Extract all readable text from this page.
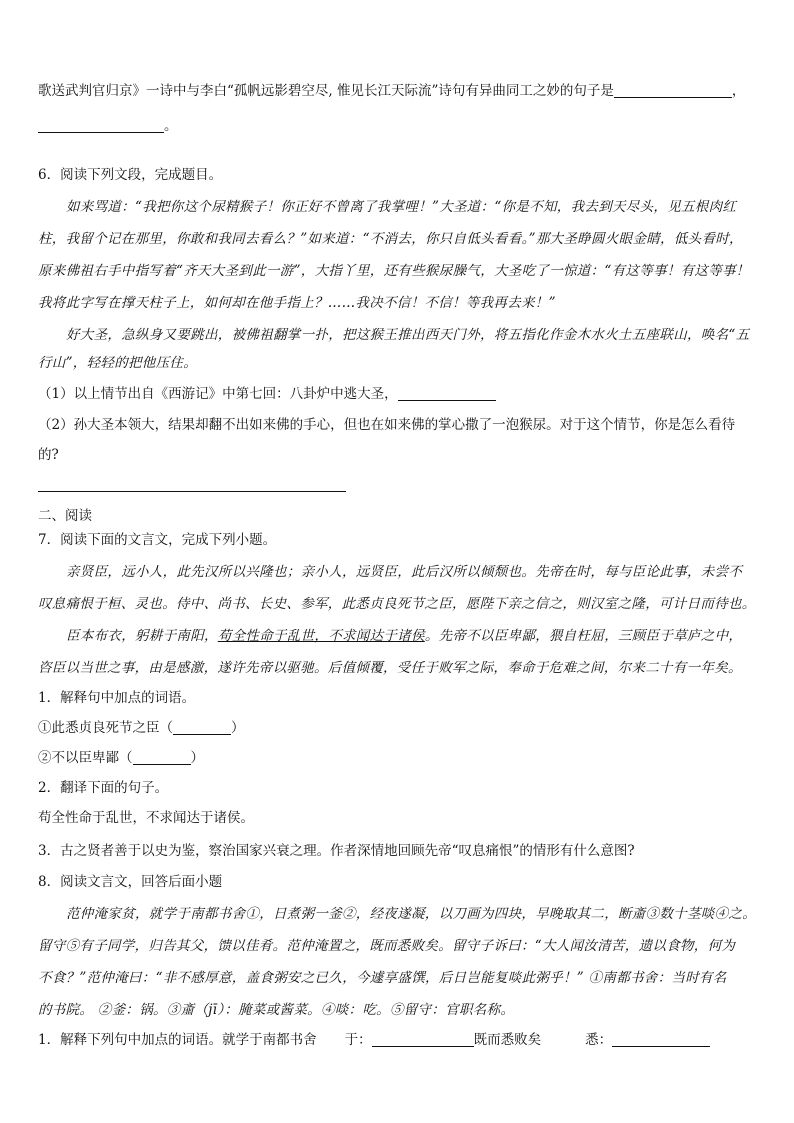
歌送武判官归京》一诗中与李白“孤帆远影碧空尽, 惟见长江天际流”诗句有异曲同工之妙的句子是	，
。
6．阅读下列文段，完成题目。
如来骂道：“我把你这个尿精猴子！你正好不曾离了我掌哩！”大圣道：“你是不知，我去到天尽头，见五根肉红
柱，我留个记在那里，你敢和我同去看么？”如来道：“不消去，你只自低头看看。”那大圣睁圆火眼金睛，低头看时，
原来佛祖右手中指写着“齐天大圣到此一游”，大指丫里，还有些猴尿臊气，大圣吃了一惊道：“有这等事！有这等事！
我将此字写在撑天柱子上，如何却在他手指上？……我决不信！不信！等我再去来！”
好大圣，急纵身又要跳出，被佛祖翻掌一扑，把这猴王推出西天门外，将五指化作金木水火土五座联山，唤名“五
行山”，轻轻的把他压住。
（1）以上情节出自《西游记》中第七回：八卦炉中逃大圣，
（2）孙大圣本领大，结果却翻不出如来佛的手心，但也在如来佛的掌心撒了一泡猴尿。对于这个情节，你是怎么看待
的?
二、阅读
7．阅读下面的文言文，完成下列小题。
亲贤臣，远小人，此先汉所以兴隆也；亲小人，远贤臣，此后汉所以倾颓也。先帝在时，每与臣论此事，未尝不
叹息痛恨于桓、灵也。侍中、尚书、长史、参军，此悉贞良死节之臣，愿陛下亲之信之，则汉室之隆，可计日而待也。
臣本布衣，躬耕于南阳，苟全性命于乱世，不求闻达于诸侯。先帝不以臣卑鄙，猥自枉屈，三顾臣于草庐之中，
咨臣以当世之事，由是感激，遂许先帝以驱驰。后值倾覆，受任于败军之际，奉命于危难之间，尔来二十有一年矣。
1．解释句中加点的词语。
①此悉贞良死节之臣（	）
②不以臣卑鄙（	）
2．翻译下面的句子。
苟全性命于乱世，不求闻达于诸侯。
3．古之贤者善于以史为鉴，察治国家兴衰之理。作者深情地回顾先帝“叹息痛恨”的情形有什么意图?
8．阅读文言文，回答后面小题
范仲淹家贫，就学于南都书舍①，日煮粥一釜②，经夜遂凝，以刀画为四块，早晚取其二，断齑③数十茎啖④之。
留守⑤有子同学，归告其父，馈以佳肴。范仲淹置之，既而悉败矣。留守子诉曰：“大人闻汝清苦，遗以食物，何为
不食？”范仲淹曰：“非不感厚意，盖食粥安之已久，今遽享盛馔，后日岂能复啖此粥乎！” ①南都书舍：当时有名
的书院。 ②釜：锅。③齑（jī）：腌菜或酱菜。④啖：吃。⑤留守：官职名称。
1．解释下列句中加点的词语。就学于南都书舍 于：	既而悉败矣	悉：
